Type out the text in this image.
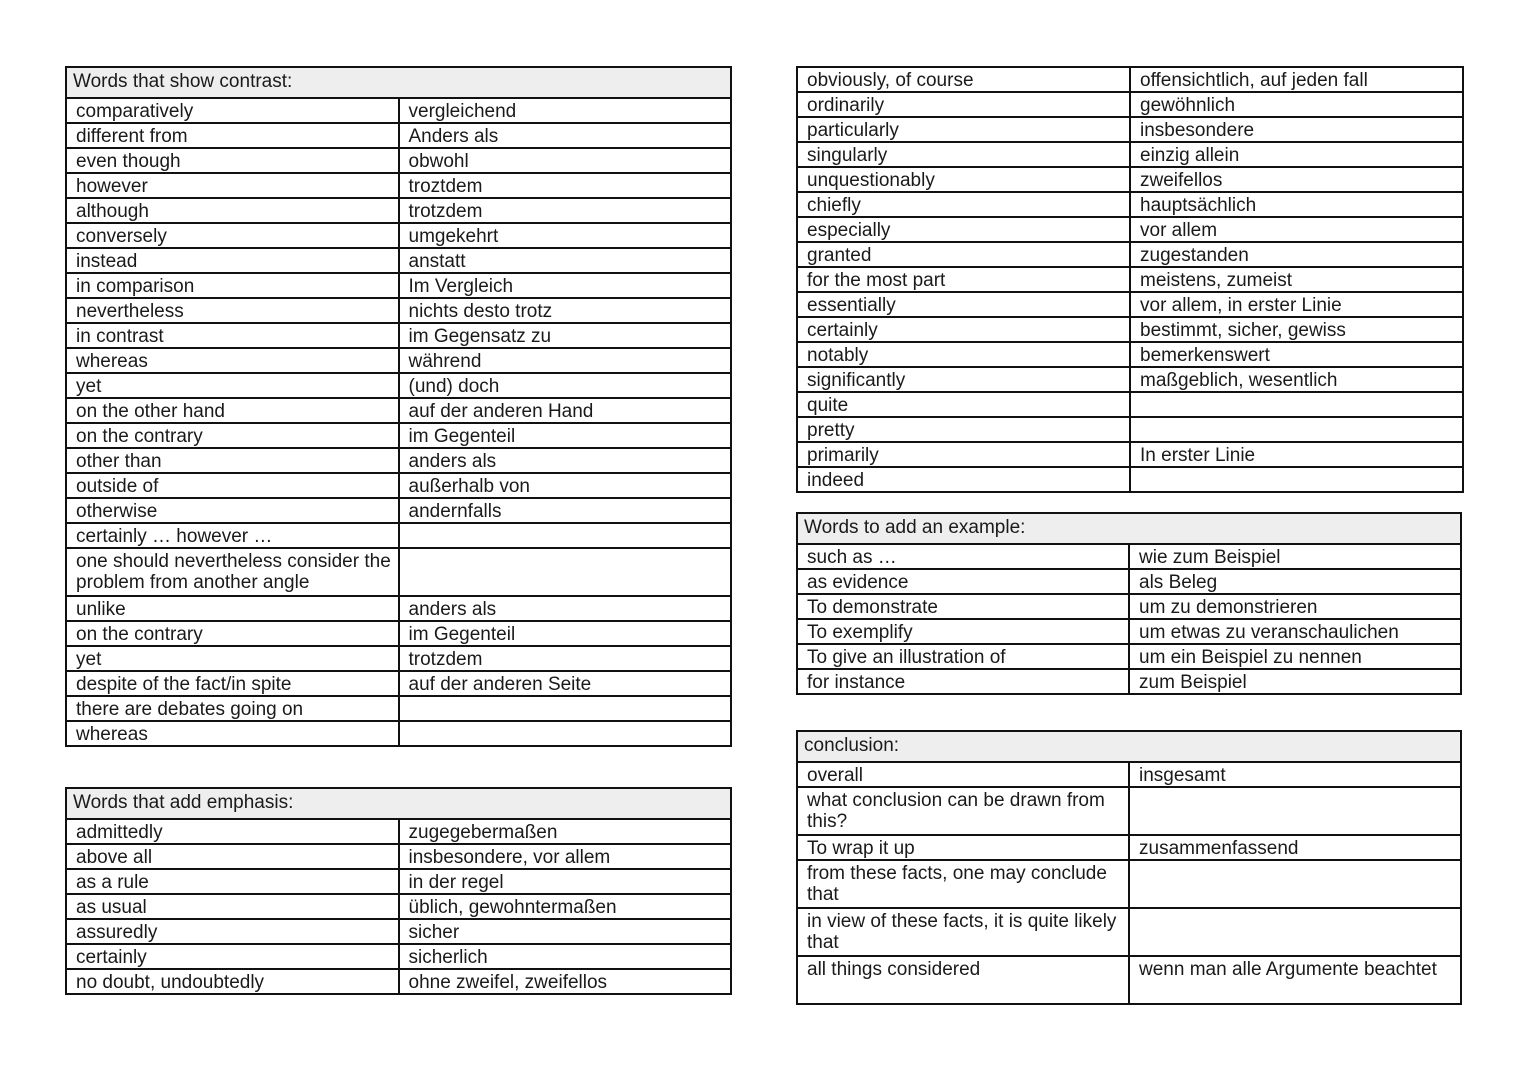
Words that show contrast:	
comparatively	vergleichend
different from	Anders als
even though	obwohl
however	troztdem
although	trotzdem
conversely	umgekehrt
instead	anstatt
in comparison	Im Vergleich
nevertheless	nichts desto trotz
in contrast	im Gegensatz zu
whereas	während
yet	(und) doch
on the other hand	auf der anderen Hand
on the contrary	im Gegenteil
other than	anders als
outside of	außerhalb von
otherwise	andernfalls
certainly … however …	
one should nevertheless consider the problem from another angle	
unlike	anders als
on the contrary	im Gegenteil
yet	trotzdem
despite of the fact/in spite	auf der anderen Seite
there are debates going on	
whereas	
Words that add emphasis:	
admittedly	zugegebermaßen
above all	insbesondere, vor allem
as a rule	in der regel
as usual	üblich, gewohntermaßen
assuredly	sicher
certainly	sicherlich
no doubt, undoubtedly	ohne zweifel, zweifellos
obviously, of course	offensichtlich, auf jeden fall
ordinarily	gewöhnlich
particularly	insbesondere
singularly	einzig allein
unquestionably	zweifellos
chiefly	hauptsächlich
especially	vor allem
granted	zugestanden
for the most part	meistens, zumeist
essentially	vor allem, in erster Linie
certainly	bestimmt, sicher, gewiss
notably	bemerkenswert
significantly	maßgeblich, wesentlich
quite	
pretty	
primarily	In erster Linie
indeed	
Words to add an example:	
such as …	wie zum Beispiel
as evidence	als Beleg
To demonstrate	um zu demonstrieren
To exemplify	um etwas zu veranschaulichen
To give an illustration of	um ein Beispiel zu nennen
for instance	zum Beispiel
conclusion:	
overall	insgesamt
what conclusion can be drawn from this?	
To wrap it up	zusammenfassend
from these facts, one may conclude that	
in view of these facts, it is quite likely that	
all things considered	wenn man alle Argumente beachtet
